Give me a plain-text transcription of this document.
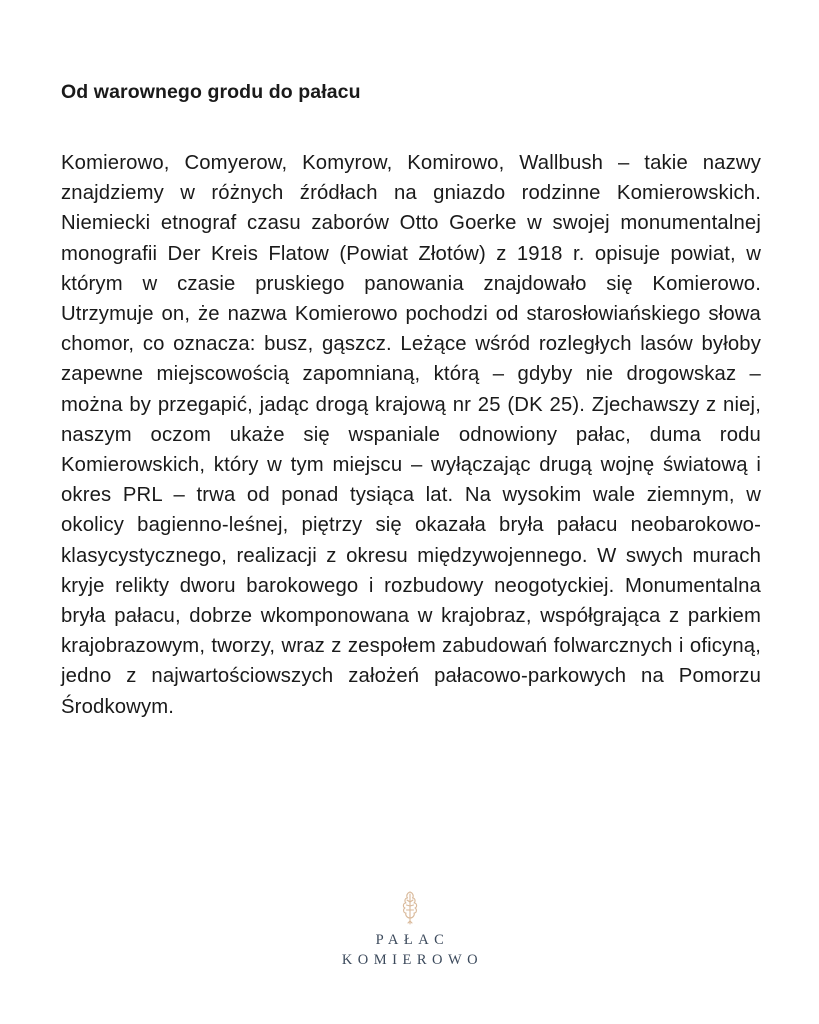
Od warownego grodu do pałacu

Komierowo, Comyerow, Komyrow, Komirowo, Wallbush – takie nazwy znajdziemy w różnych źródłach na gniazdo rodzinne Komierowskich. Niemiecki etnograf czasu zaborów Otto Goerke w swojej monumentalnej monografii Der Kreis Flatow (Powiat Złotów) z 1918 r. opisuje powiat, w którym w czasie pruskiego panowania znajdowało się Komierowo. Utrzymuje on, że nazwa Komierowo pochodzi od starosłowiańskiego słowa chomor, co oznacza: busz, gąszcz. Leżące wśród rozległych lasów byłoby zapewne miejscowością zapomnianą, którą – gdyby nie drogowskaz – można by przegapić, jadąc drogą krajową nr 25 (DK 25). Zjechawszy z niej, naszym oczom ukaże się wspaniale odnowiony pałac, duma rodu Komierowskich, który w tym miejscu – wyłączając drugą wojnę światową i okres PRL – trwa od ponad tysiąca lat. Na wysokim wale ziemnym, w okolicy bagienno-leśnej, piętrzy się okazała bryła pałacu neobarokowo-klasycystycznego, realizacji z okresu międzywojennego. W swych murach kryje relikty dworu barokowego i rozbudowy neogotyckiej. Monumentalna bryła pałacu, dobrze wkomponowana w krajobraz, współgrająca z parkiem krajobrazowym, tworzy, wraz z zespołem zabudowań folwarcznych i oficyną, jedno z najwartościowszych założeń pałacowo-parkowych na Pomorzu Środkowym.

PAŁAC
KOMIEROWO
